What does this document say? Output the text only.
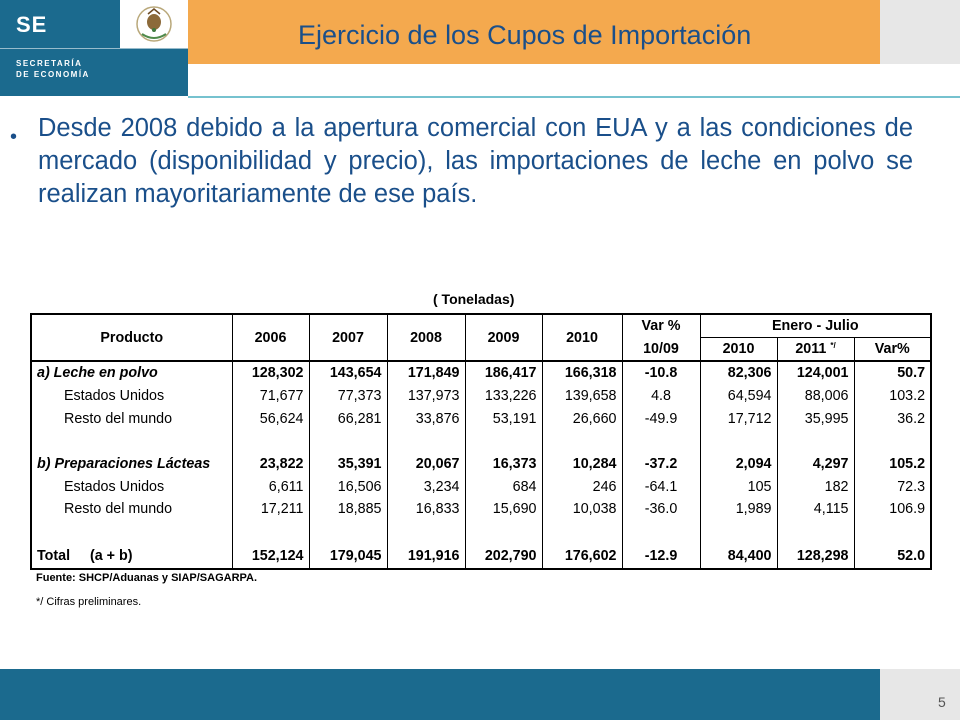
SE
SECRETARÍA
DE ECONOMÍA
Ejercicio de los Cupos de Importación
• Desde 2008 debido a la apertura comercial con EUA y a las condiciones de mercado (disponibilidad y precio), las importaciones de leche en polvo se realizan mayoritariamente de ese país.
( Toneladas)
Producto	2006	2007	2008	2009	2010	Var %	Enero - Julio		
						10/09	2010	2011 */	Var%
a) Leche en polvo	128,302	143,654	171,849	186,417	166,318	-10.8	82,306	124,001	50.7
Estados Unidos	71,677	77,373	137,973	133,226	139,658	4.8	64,594	88,006	103.2
Resto del mundo	56,624	66,281	33,876	53,191	26,660	-49.9	17,712	35,995	36.2

b) Preparaciones Lácteas	23,822	35,391	20,067	16,373	10,284	-37.2	2,094	4,297	105.2
Estados Unidos	6,611	16,506	3,234	684	246	-64.1	105	182	72.3
Resto del mundo	17,211	18,885	16,833	15,690	10,038	-36.0	1,989	4,115	106.9

Total (a + b)	152,124	179,045	191,916	202,790	176,602	-12.9	84,400	128,298	52.0
Fuente: SHCP/Aduanas y SIAP/SAGARPA.
*/ Cifras preliminares.
5
